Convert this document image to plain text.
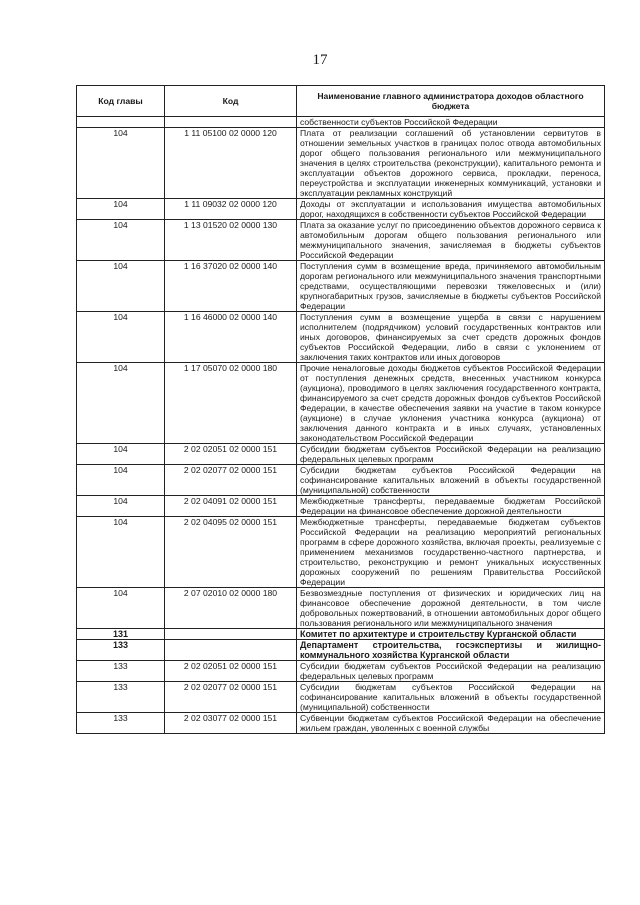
17
Код главы	Код	Наименование главного администратора доходов областного бюджета
		собственности субъектов Российской Федерации
104	1 11 05100 02 0000 120	Плата от реализации соглашений об установлении сервитутов в отношении земельных участков в границах полос отвода автомобильных дорог общего пользования регионального или межмуниципального значения в целях строительства (реконструкции), капитального ремонта и эксплуатации объектов дорожного сервиса, прокладки, переноса, переустройства и эксплуатации инженерных коммуникаций, установки и эксплуатации рекламных конструкций
104	1 11 09032 02 0000 120	Доходы от эксплуатации и использования имущества автомобильных дорог, находящихся в собственности субъектов Российской Федерации
104	1 13 01520 02 0000 130	Плата за оказание услуг по присоединению объектов дорожного сервиса к автомобильным дорогам общего пользования регионального или межмуниципального значения, зачисляемая в бюджеты субъектов Российской Федерации
104	1 16 37020 02 0000 140	Поступления сумм в возмещение вреда, причиняемого автомобильным дорогам регионального или межмуниципального значения транспортными средствами, осуществляющими перевозки тяжеловесных и (или) крупногабаритных грузов, зачисляемые в бюджеты субъектов Российской Федерации
104	1 16 46000 02 0000 140	Поступления сумм в возмещение ущерба в связи с нарушением исполнителем (подрядчиком) условий государственных контрактов или иных договоров, финансируемых за счет средств дорожных фондов субъектов Российской Федерации, либо в связи с уклонением от заключения таких контрактов или иных договоров
104	1 17 05070 02 0000 180	Прочие неналоговые доходы бюджетов субъектов Российской Федерации от поступления денежных средств, внесенных участником конкурса (аукциона), проводимого в целях заключения государственного контракта, финансируемого за счет средств дорожных фондов субъектов Российской Федерации, в качестве обеспечения заявки на участие в таком конкурсе (аукционе) в случае уклонения участника конкурса (аукциона) от заключения данного контракта и в иных случаях, установленных законодательством Российской Федерации
104	2 02 02051 02 0000 151	Субсидии бюджетам субъектов Российской Федерации на реализацию федеральных целевых программ
104	2 02 02077 02 0000 151	Субсидии бюджетам субъектов Российской Федерации на софинансирование капитальных вложений в объекты государственной (муниципальной) собственности
104	2 02 04091 02 0000 151	Межбюджетные трансферты, передаваемые бюджетам Российской Федерации на финансовое обеспечение дорожной деятельности
104	2 02 04095 02 0000 151	Межбюджетные трансферты, передаваемые бюджетам субъектов Российской Федерации на реализацию мероприятий региональных программ в сфере дорожного хозяйства, включая проекты, реализуемые с применением механизмов государственно-частного партнерства, и строительство, реконструкцию и ремонт уникальных искусственных дорожных сооружений по решениям Правительства Российской Федерации
104	2 07 02010 02 0000 180	Безвозмездные поступления от физических и юридических лиц на финансовое обеспечение дорожной деятельности, в том числе добровольных пожертвований, в отношении автомобильных дорог общего пользования регионального или межмуниципального значения
131		Комитет по архитектуре и строительству Курганской области
133		Департамент строительства, госэкспертизы и жилищно-коммунального хозяйства Курганской области
133	2 02 02051 02 0000 151	Субсидии бюджетам субъектов Российской Федерации на реализацию федеральных целевых программ
133	2 02 02077 02 0000 151	Субсидии бюджетам субъектов Российской Федерации на софинансирование капитальных вложений в объекты государственной (муниципальной) собственности
133	2 02 03077 02 0000 151	Субвенции бюджетам субъектов Российской Федерации на обеспечение жильем граждан, уволенных с военной службы
